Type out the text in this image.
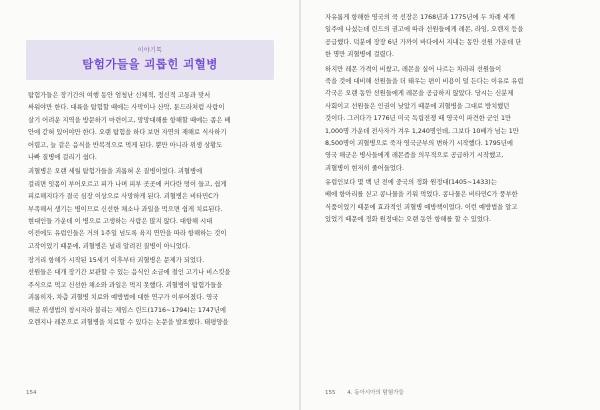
이야기톡
탐험가들을 괴롭힌 괴혈병
탐험가들은 장기간의 여행 동안 엄청난 신체적, 정신적 고통과 맞서
싸워야만 한다. 대륙을 탐험할 때에는 사막이나 산악, 툰드라처럼 사람이
살기 어려운 지역을 방문하기 마련이고, 망망대해를 항해할 때에는 좁은 배
안에 갇혀 있어야만 한다. 오랜 탐험을 하다 보면 자연의 재해로 식사하기
어렵고, 늘 같은 음식을 반복적으로 먹게 된다. 뿐만 아니라 위생 상황도
나빠 질병에 걸리기 쉽다.
괴혈병은 오랜 세월 탐험가들을 괴롭혀 온 질병이었다. 괴혈병에
걸리면 잇몸이 부어오르고 피가 나며 피부 곳곳에 커다란 멍이 들고, 쉽게
피로해지다가 결국 심장 이상으로 사망하게 된다. 괴혈병은 비타민C가
부족해서 생기는 병이므로 신선한 채소나 과일을 먹으면 쉽게 치료된다.
현대인들 가운데 이 병으로 고생하는 사람은 많지 않다. 대항해 시대
이전에도 유럽인들은 거의 1주일 넘도록 육지 연안을 따라 항해하는 것이
고작이었기 때문에, 괴혈병은 널리 알려진 질병이 아니었다.
장거리 항해가 시작된 15세기 이후부터 괴혈병은 문제가 되었다.
선원들은 대개 장기간 보관할 수 있는 음식인 소금에 절인 고기나 비스킷을
주식으로 먹고 신선한 채소와 과일은 먹지 못했다. 괴혈병이 탐험가들을
괴롭히자, 차츰 괴혈병 치료와 예방법에 대한 연구가 이루어졌다. 영국
해군 위생법의 창시자라 불리는 제임스 린드(1716~1794)는 1747년에
오렌지나 레몬으로 괴혈병을 치료할 수 있다는 논문을 발표했다. 태평양을
154
자유롭게 항해한 영국의 쿡 선장은 1768년과 1775년에 두 차례 세계
일주에 나섰는데 린드의 권고에 따라 선원들에게 레몬, 라임, 오렌지 등을
공급했다. 덕분에 장장 6년 가까이 바다에서 지내는 동안 선원 가운데 단
한 명만 괴혈병에 걸렸다.
하지만 레몬 가격이 비쌌고, 레몬을 실어 나르는 차라리 선원들이
죽을 것에 대비해 선원들을 더 태우는 편이 비용이 덜 든다는 이유로 유럽
각국은 오랜 동안 선원들에게 레몬을 공급하지 않았다. 당시는 신분제
사회이고 선원들은 인권이 낮았기 때문에 괴혈병을 그대로 방치했던
것이다. 그러다가 1776년 미국 독립전쟁 때 영국이 파견한 군인 1만
1,000명 가운데 전사자가 겨우 1,240명인데, 그보다 10배가 넘는 1만
8,500명이 괴혈병으로 죽자 영국군부의 변하기 시작했다. 1795년에
영국 해군은 병사들에게 레몬즙을 의무적으로 공급하기 시작했고,
괴혈병이 현저히 줄어들었다.
유럽인보다 몇 백 년 전에 중국의 정화 원정대(1405~1433)는
배에 항아리를 싣고 콩나물을 키워 먹었다. 콩나물은 비타민C가 풍부한
식품이었기 때문에 효과적인 괴혈병 예방책이었다. 이런 예방법을 알고
있었기 때문에 정화 원정대는 오랜 동안 항해를 할 수 있었다.
155 4. 동아시아의 탐험가들
